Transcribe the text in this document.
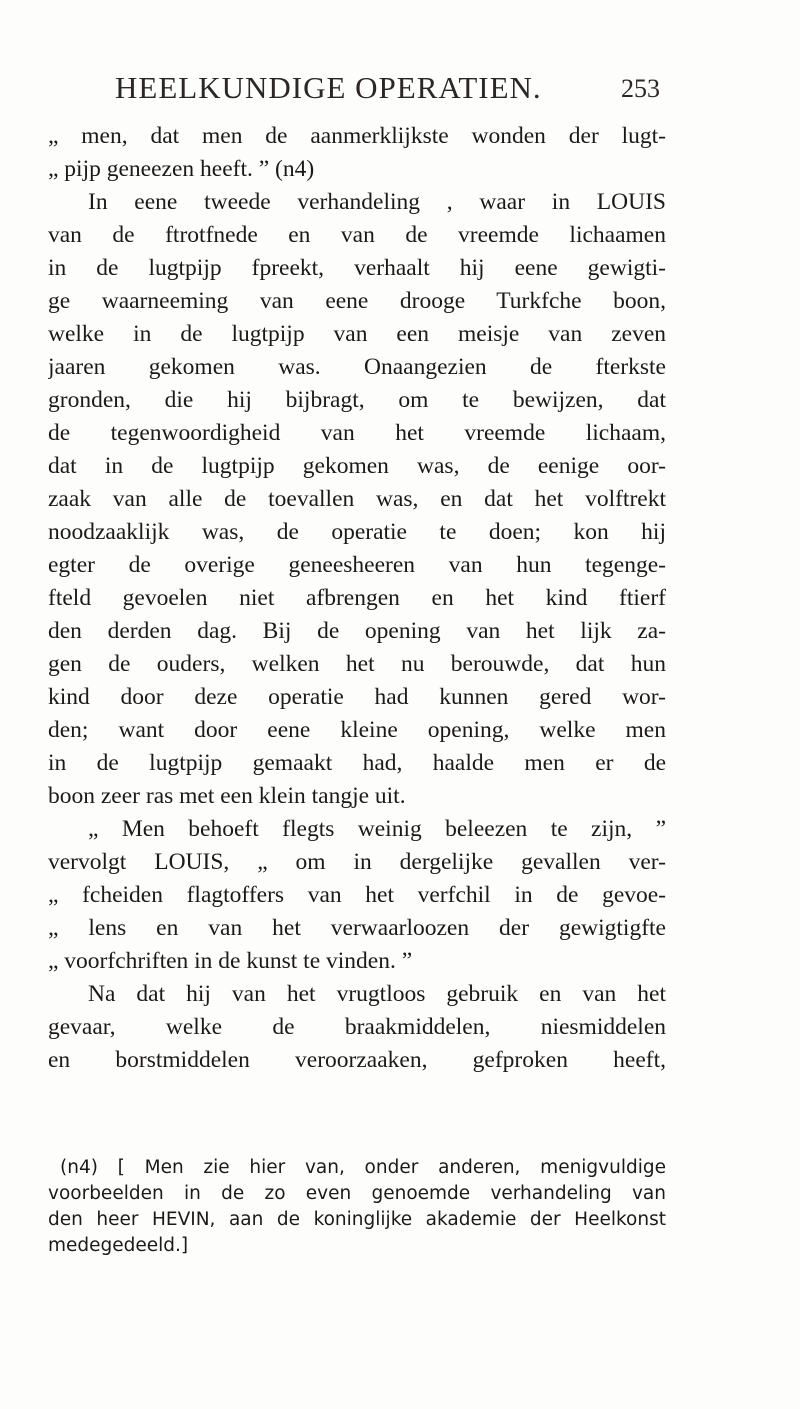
HEELKUNDIGE OPERATIEN.	253
„ men, dat men de aanmerklijkste wonden der lugt-
„ pijp geneezen heeft. ” (n4)
In eene tweede verhandeling , waar in LOUIS
van de ftrotfnede en van de vreemde lichaamen
in de lugtpijp fpreekt, verhaalt hij eene gewigti-
ge waarneeming van eene drooge Turkfche boon,
welke in de lugtpijp van een meisje van zeven
jaaren gekomen was. Onaangezien de fterkste
gronden, die hij bijbragt, om te bewijzen, dat
de tegenwoordigheid van het vreemde lichaam,
dat in de lugtpijp gekomen was, de eenige oor-
zaak van alle de toevallen was, en dat het volftrekt
noodzaaklijk was, de operatie te doen; kon hij
egter de overige geneesheeren van hun tegenge-
fteld gevoelen niet afbrengen en het kind ftierf
den derden dag. Bij de opening van het lijk za-
gen de ouders, welken het nu berouwde, dat hun
kind door deze operatie had kunnen gered wor-
den; want door eene kleine opening, welke men
in de lugtpijp gemaakt had, haalde men er de
boon zeer ras met een klein tangje uit.
„ Men behoeft flegts weinig beleezen te zijn, ”
vervolgt LOUIS, „ om in dergelijke gevallen ver-
„ fcheiden flagtoffers van het verfchil in de gevoe-
„ lens en van het verwaarloozen der gewigtigfte
„ voorfchriften in de kunst te vinden. ”
Na dat hij van het vrugtloos gebruik en van het
gevaar, welke de braakmiddelen, niesmiddelen
en borstmiddelen veroorzaaken, gefproken heeft,
(n4) [ Men zie hier van, onder anderen, menigvuldige
voorbeelden in de zo even genoemde verhandeling van
den heer HEVIN, aan de koninglijke akademie der Heelkonst
medegedeeld.]
